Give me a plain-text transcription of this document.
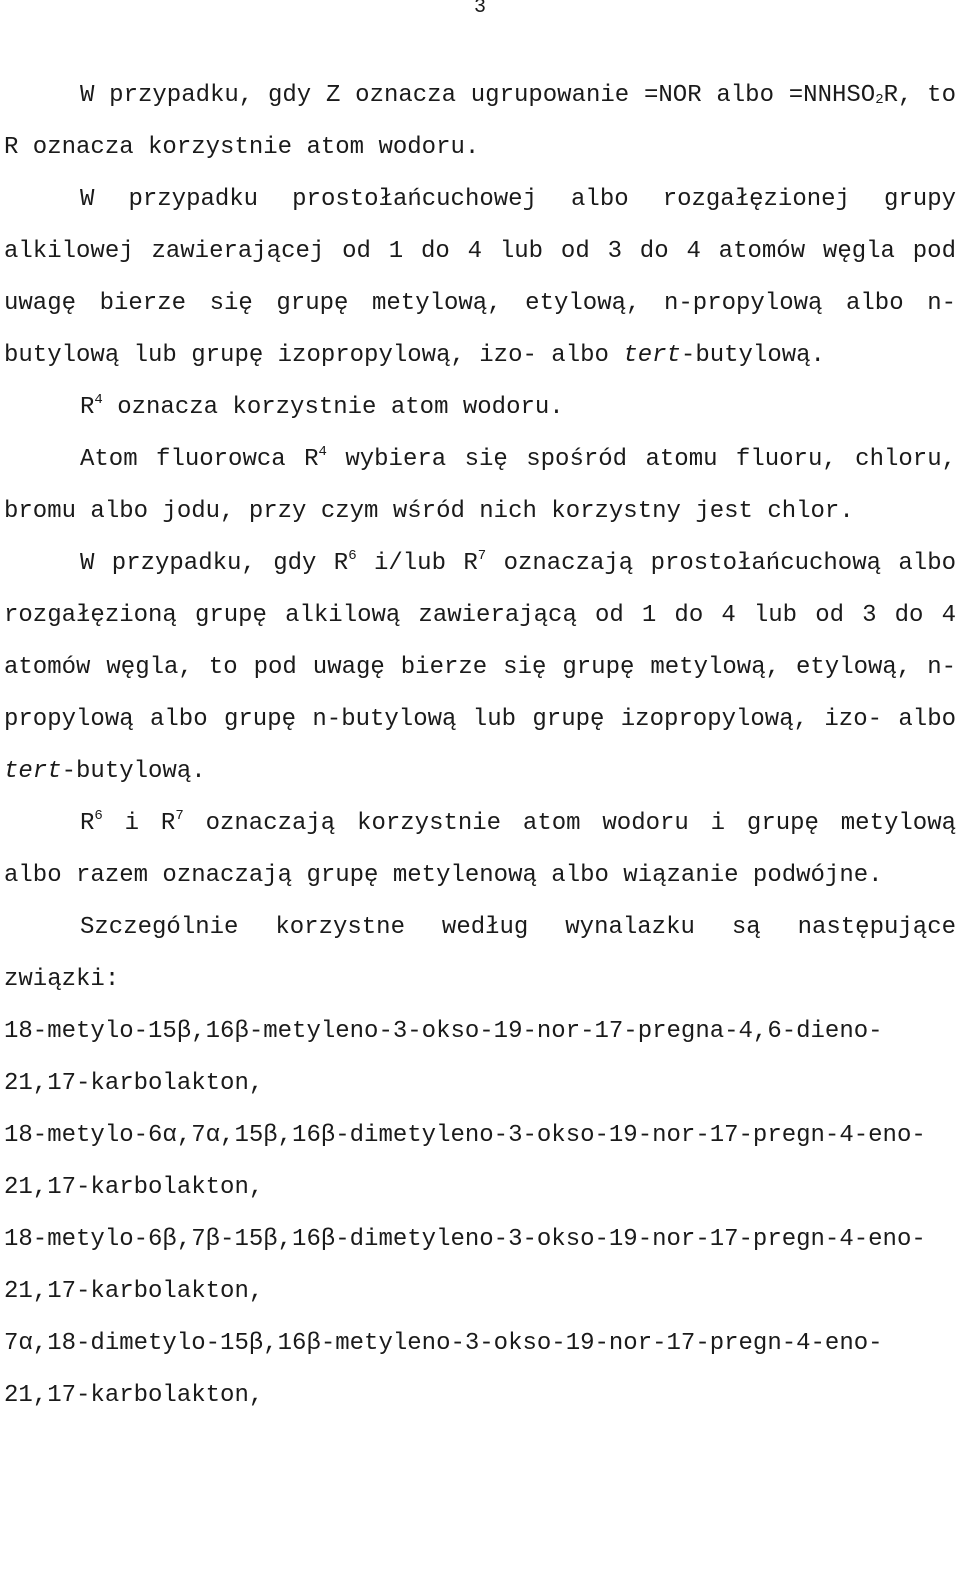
3

W przypadku, gdy Z oznacza ugrupowanie =NOR albo $=NNHSO_2R$, to R oznacza korzystnie atom wodoru.

W przypadku prostołańcuchowej albo rozgałęzionej grupy alkilowej zawierającej od 1 do 4 lub od 3 do 4 atomów węgla pod uwagę bierze się grupę metylową, etylową, n-propylową albo n-butylową lub grupę izopropylową, izo- albo tert-butylową.

$R^4$ oznacza korzystnie atom wodoru.

Atom fluorowca $R^4$ wybiera się spośród atomu fluoru, chloru, bromu albo jodu, przy czym wśród nich korzystny jest chlor.

W przypadku, gdy $R^6$ i/lub $R^7$ oznaczają prostołańcuchową albo rozgałęzioną grupę alkilową zawierającą od 1 do 4 lub od 3 do 4 atomów węgla, to pod uwagę bierze się grupę metylową, etylową, n-propylową albo grupę n-butylową lub grupę izopropylową, izo- albo tert-butylową.

$R^6$ i $R^7$ oznaczają korzystnie atom wodoru i grupę metylową albo razem oznaczają grupę metylenową albo wiązanie podwójne.

Szczególnie korzystne według wynalazku są następujące związki:

18-metylo-15β,16β-metyleno-3-okso-19-nor-17-pregna-4,6-dieno-21,17-karbolakton,

18-metylo-6α,7α,15β,16β-dimetyleno-3-okso-19-nor-17-pregn-4-eno-21,17-karbolakton,

18-metylo-6β,7β-15β,16β-dimetyleno-3-okso-19-nor-17-pregn-4-eno-21,17-karbolakton,

7α,18-dimetylo-15β,16β-metyleno-3-okso-19-nor-17-pregn-4-eno-21,17-karbolakton,
